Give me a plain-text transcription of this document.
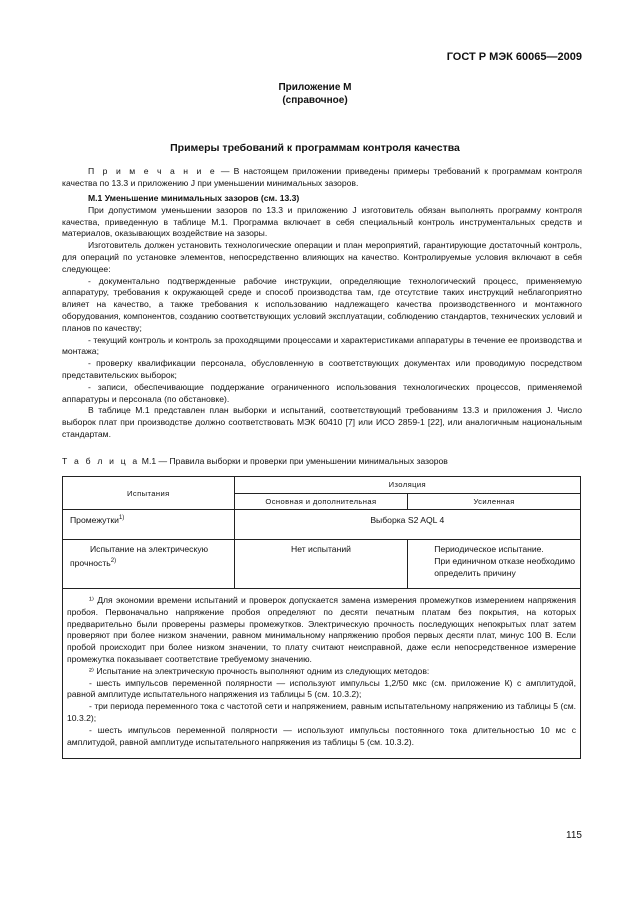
ГОСТ Р МЭК 60065—2009
Приложение М
(справочное)
Примеры требований к программам контроля качества
П р и м е ч а н и е — В настоящем приложении приведены примеры требований к программам контроля качества по 13.3 и приложению J при уменьшении минимальных зазоров.
М.1 Уменьшение минимальных зазоров (см. 13.3)
При допустимом уменьшении зазоров по 13.3 и приложению J изготовитель обязан выполнять программу контроля качества, приведенную в таблице М.1. Программа включает в себя специальный контроль инструментальных средств и материалов, оказывающих воздействие на зазоры.
Изготовитель должен установить технологические операции и план мероприятий, гарантирующие достаточный контроль, для операций по установке элементов, непосредственно влияющих на качество. Контролируемые условия включают в себя следующее:
- документально подтвержденные рабочие инструкции, определяющие технологический процесс, применяемую аппаратуру, требования к окружающей среде и способ производства там, где отсутствие таких инструкций неблагоприятно влияет на качество, а также требования к использованию надлежащего качества производственного и монтажного оборудования, компонентов, созданию соответствующих условий эксплуатации, соблюдению стандартов, технических условий и планов по качеству;
- текущий контроль и контроль за проходящими процессами и характеристиками аппаратуры в течение ее производства и монтажа;
- проверку квалификации персонала, обусловленную в соответствующих документах или проводимую посредством представительских выборок;
- записи, обеспечивающие поддержание ограниченного использования технологических процессов, применяемой аппаратуры и персонала (по обстановке).
В таблице М.1 представлен план выборки и испытаний, соответствующий требованиям 13.3 и приложения J. Число выборок плат при производстве должно соответствовать МЭК 60410 [7] или ИСО 2859-1 [22], или аналогичным национальным стандартам.
Т а б л и ц а М.1 — Правила выборки и проверки при уменьшении минимальных зазоров
Испытания	Изоляция	
	Основная и дополнительная	Усиленная
Промежутки$^{1)}$	Выборка S2 AQL 4	
Испытание на электрическую прочность$^{2)}$	Нет испытаний	Периодическое испытание.
При единичном отказе необходимо определить причину

¹⁾ Для экономии времени испытаний и проверок допускается замена измерения промежутков измерением напряжения пробоя. Первоначально напряжение пробоя определяют по десяти печатным платам без покрытия, на которых предварительно были проверены размеры промежутков. Электрическую прочность последующих непокрытых плат затем проверяют при более низком значении, равном минимальному напряжению пробоя первых десяти плат, минус 100 В. Если пробой происходит при более низком значении, то плату считают неисправной, даже если непосредственное измерение промежутка показывает соответствие требуемому значению.
²⁾ Испытание на электрическую прочность выполняют одним из следующих методов:
- шесть импульсов переменной полярности — используют импульсы 1,2/50 мкс (см. приложение К) с амплитудой, равной амплитуде испытательного напряжения из таблицы 5 (см. 10.3.2);
- три периода переменного тока с частотой сети и напряжением, равным испытательному напряжению из таблицы 5 (см. 10.3.2);
- шесть импульсов переменной полярности — используют импульсы постоянного тока длительностью 10 мс с амплитудой, равной амплитуде испытательного напряжения из таблицы 5 (см. 10.3.2).		
115
